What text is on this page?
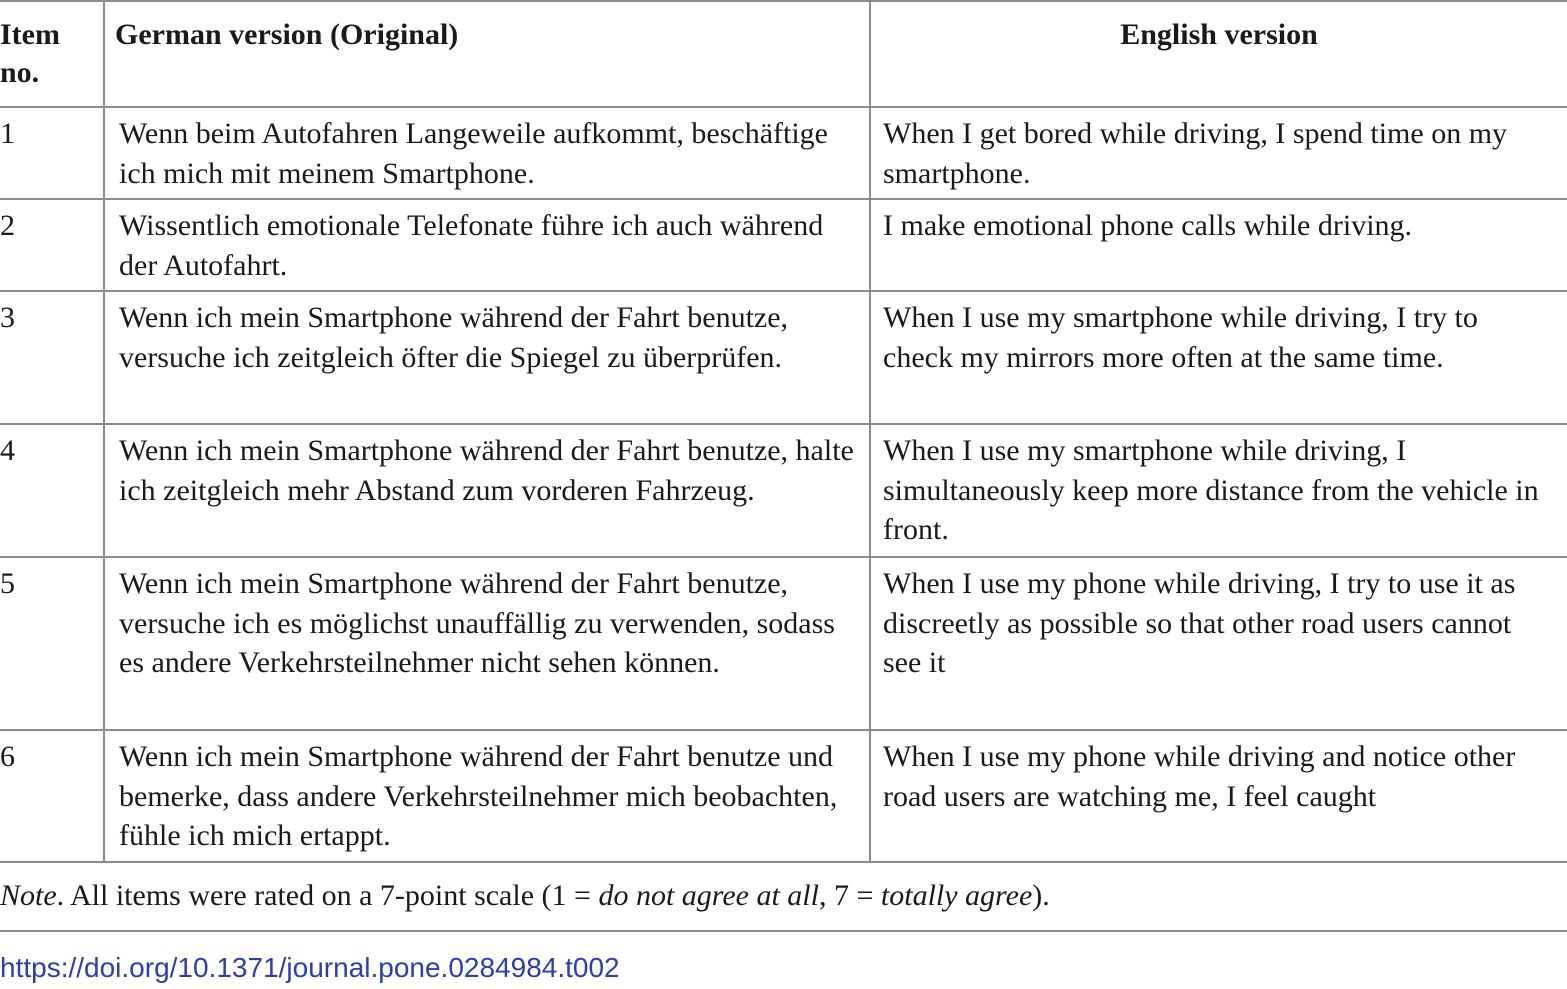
Item no.	German version (Original)	English version
1	Wenn beim Autofahren Langeweile aufkommt, beschäftige ich mich mit meinem Smartphone.	When I get bored while driving, I spend time on my smartphone.
2	Wissentlich emotionale Telefonate führe ich auch während der Autofahrt.	I make emotional phone calls while driving.
3	Wenn ich mein Smartphone während der Fahrt benutze, versuche ich zeitgleich öfter die Spiegel zu überprüfen.	When I use my smartphone while driving, I try to check my mirrors more often at the same time.
4	Wenn ich mein Smartphone während der Fahrt benutze, halte ich zeitgleich mehr Abstand zum vorderen Fahrzeug.	When I use my smartphone while driving, I simultaneously keep more distance from the vehicle in front.
5	Wenn ich mein Smartphone während der Fahrt benutze, versuche ich es möglichst unauffällig zu verwenden, sodass es andere Verkehrsteilnehmer nicht sehen können.	When I use my phone while driving, I try to use it as discreetly as possible so that other road users cannot see it
6	Wenn ich mein Smartphone während der Fahrt benutze und bemerke, dass andere Verkehrsteilnehmer mich beobachten, fühle ich mich ertappt.	When I use my phone while driving and notice other road users are watching me, I feel caught
Note. All items were rated on a 7-point scale (1 = do not agree at all, 7 = totally agree).
https://doi.org/10.1371/journal.pone.0284984.t002
